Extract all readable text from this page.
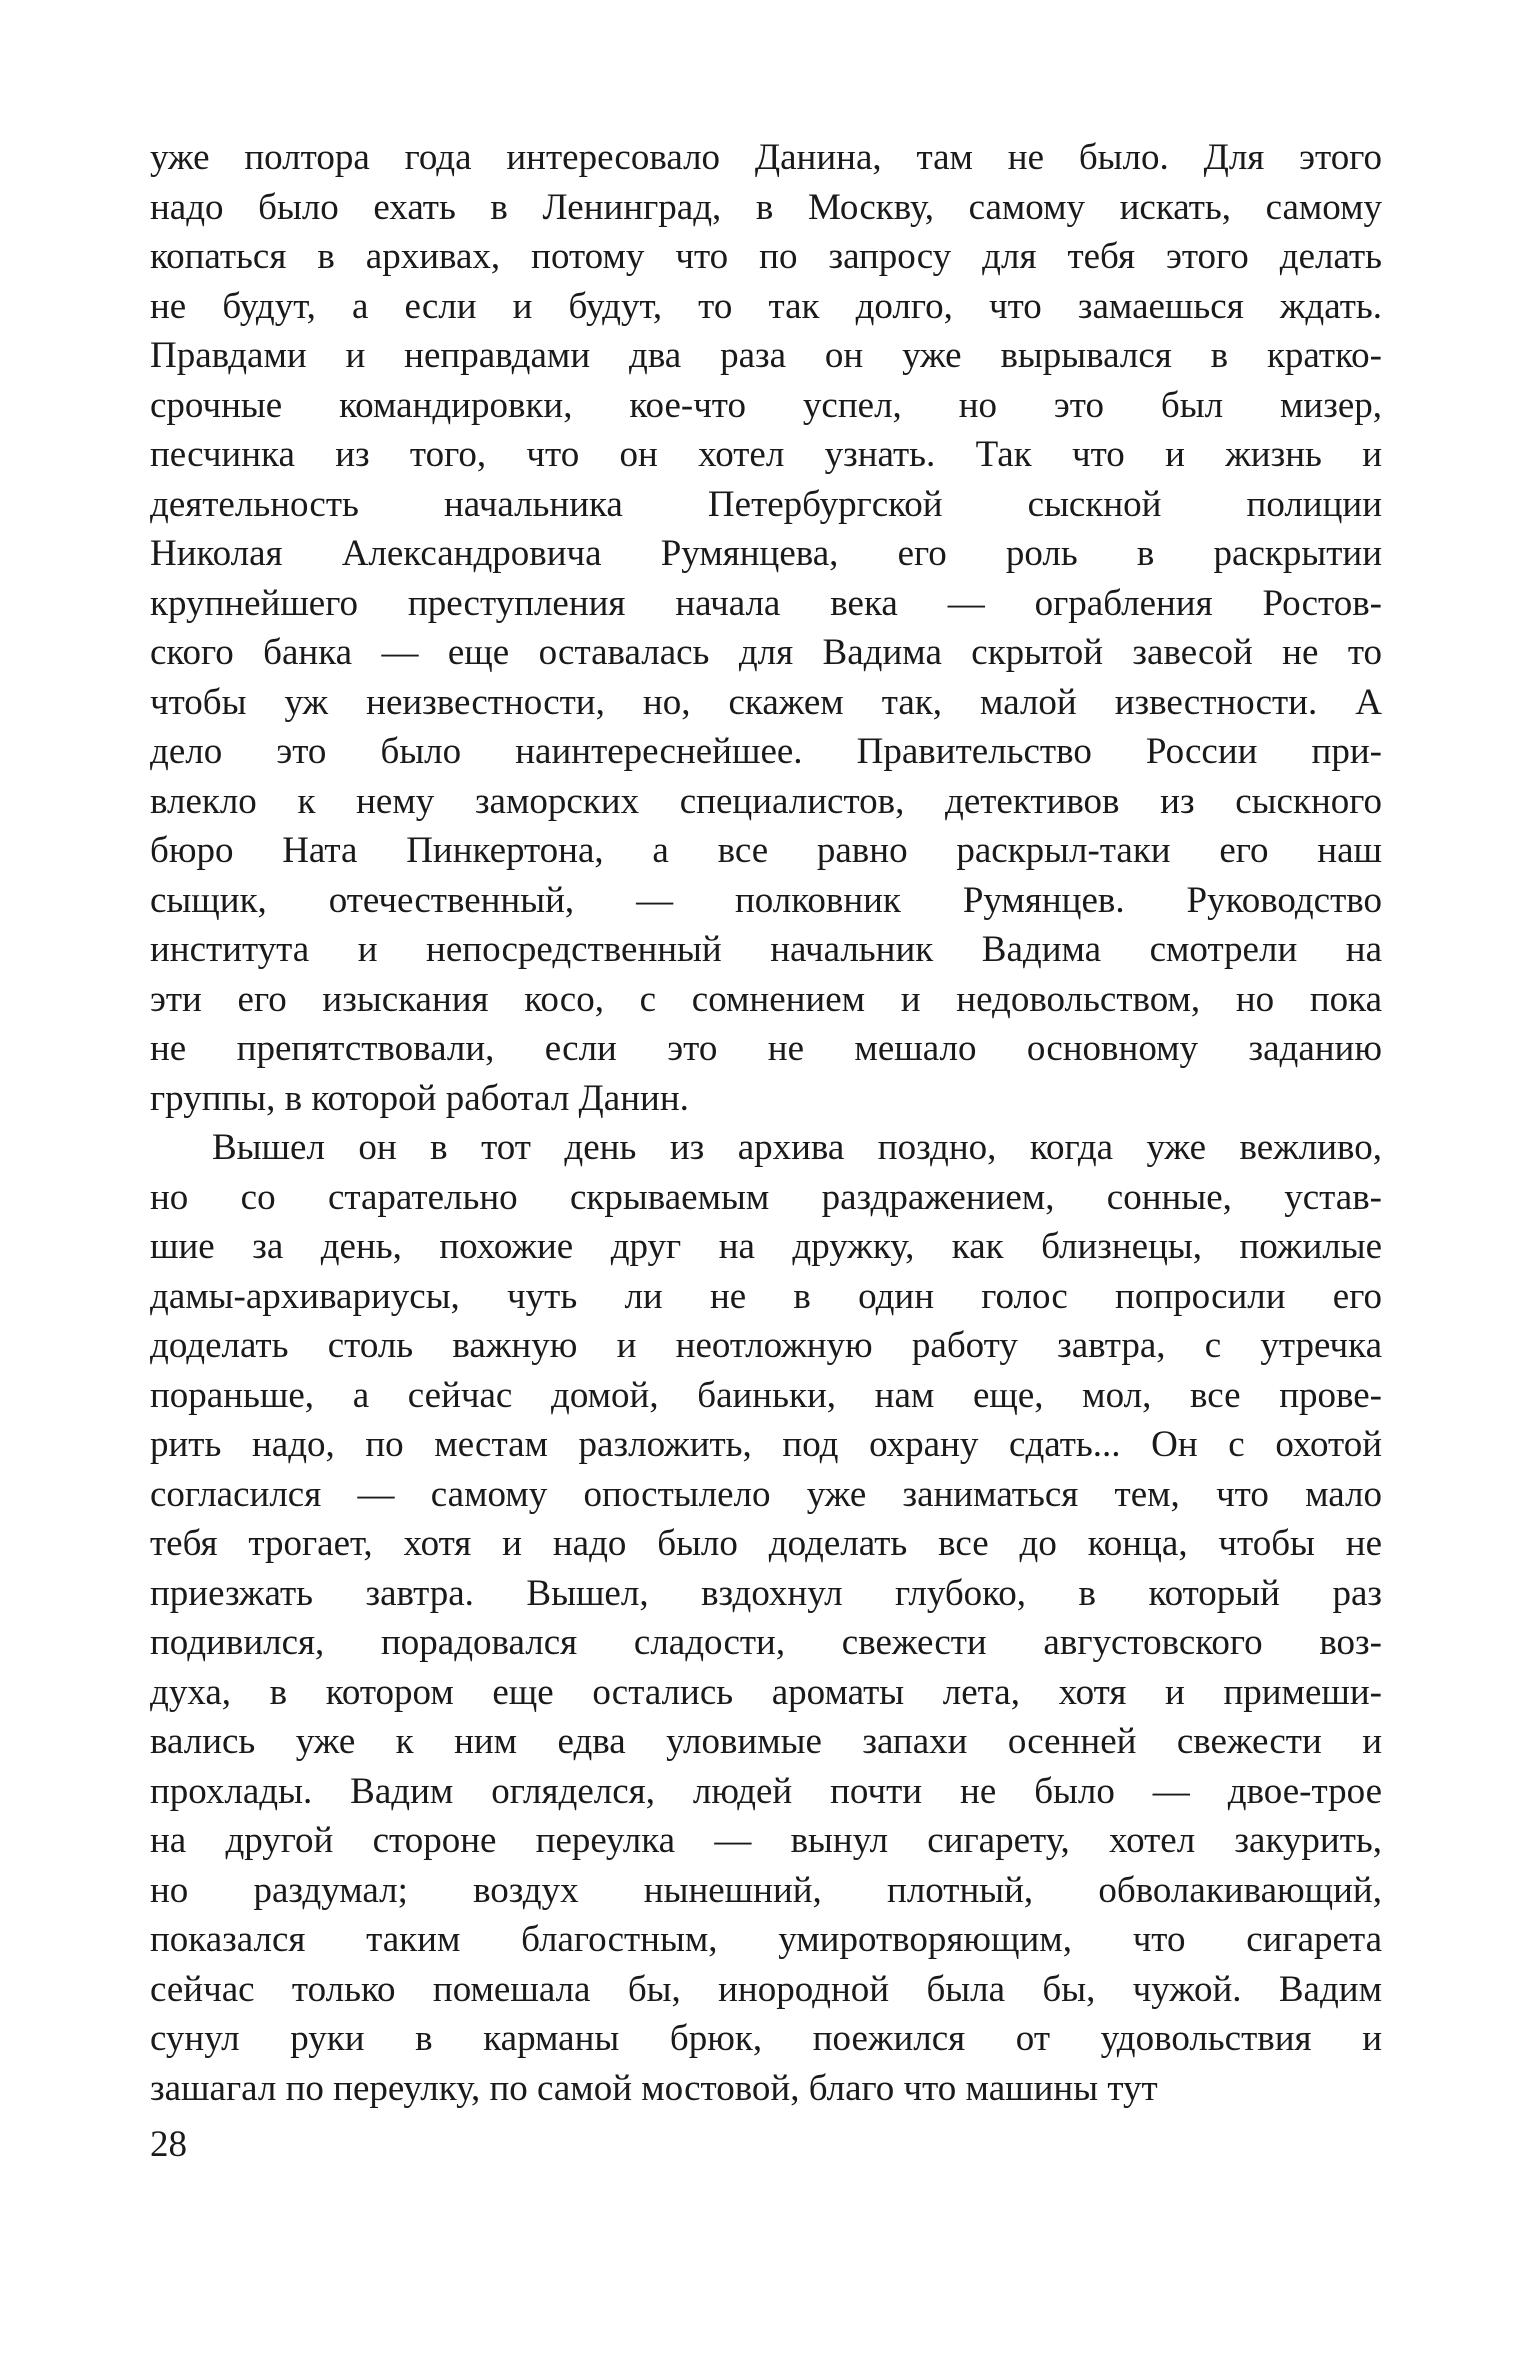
уже полтора года интересовало Данина, там не было. Для этого
надо было ехать в Ленинград, в Москву, самому искать, самому
копаться в архивах, потому что по запросу для тебя этого делать
не будут, а если и будут, то так долго, что замаешься ждать.
Правдами и неправдами два раза он уже вырывался в кратко-
срочные командировки, кое-что успел, но это был мизер,
песчинка из того, что он хотел узнать. Так что и жизнь и
деятельность начальника Петербургской сыскной полиции
Николая Александровича Румянцева, его роль в раскрытии
крупнейшего преступления начала века — ограбления Ростов-
ского банка — еще оставалась для Вадима скрытой завесой не то
чтобы уж неизвестности, но, скажем так, малой известности. А
дело это было наинтереснейшее. Правительство России при-
влекло к нему заморских специалистов, детективов из сыскного
бюро Ната Пинкертона, а все равно раскрыл-таки его наш
сыщик, отечественный, — полковник Румянцев. Руководство
института и непосредственный начальник Вадима смотрели на
эти его изыскания косо, с сомнением и недовольством, но пока
не препятствовали, если это не мешало основному заданию
группы, в которой работал Данин.
Вышел он в тот день из архива поздно, когда уже вежливо,
но со старательно скрываемым раздражением, сонные, устав-
шие за день, похожие друг на дружку, как близнецы, пожилые
дамы-архивариусы, чуть ли не в один голос попросили его
доделать столь важную и неотложную работу завтра, с утречка
пораньше, а сейчас домой, баиньки, нам еще, мол, все прове-
рить надо, по местам разложить, под охрану сдать... Он с охотой
согласился — самому опостылело уже заниматься тем, что мало
тебя трогает, хотя и надо было доделать все до конца, чтобы не
приезжать завтра. Вышел, вздохнул глубоко, в который раз
подивился, порадовался сладости, свежести августовского воз-
духа, в котором еще остались ароматы лета, хотя и примеши-
вались уже к ним едва уловимые запахи осенней свежести и
прохлады. Вадим огляделся, людей почти не было — двое-трое
на другой стороне переулка — вынул сигарету, хотел закурить,
но раздумал; воздух нынешний, плотный, обволакивающий,
показался таким благостным, умиротворяющим, что сигарета
сейчас только помешала бы, инородной была бы, чужой. Вадим
сунул руки в карманы брюк, поежился от удовольствия и
зашагал по переулку, по самой мостовой, благо что машины тут
28
